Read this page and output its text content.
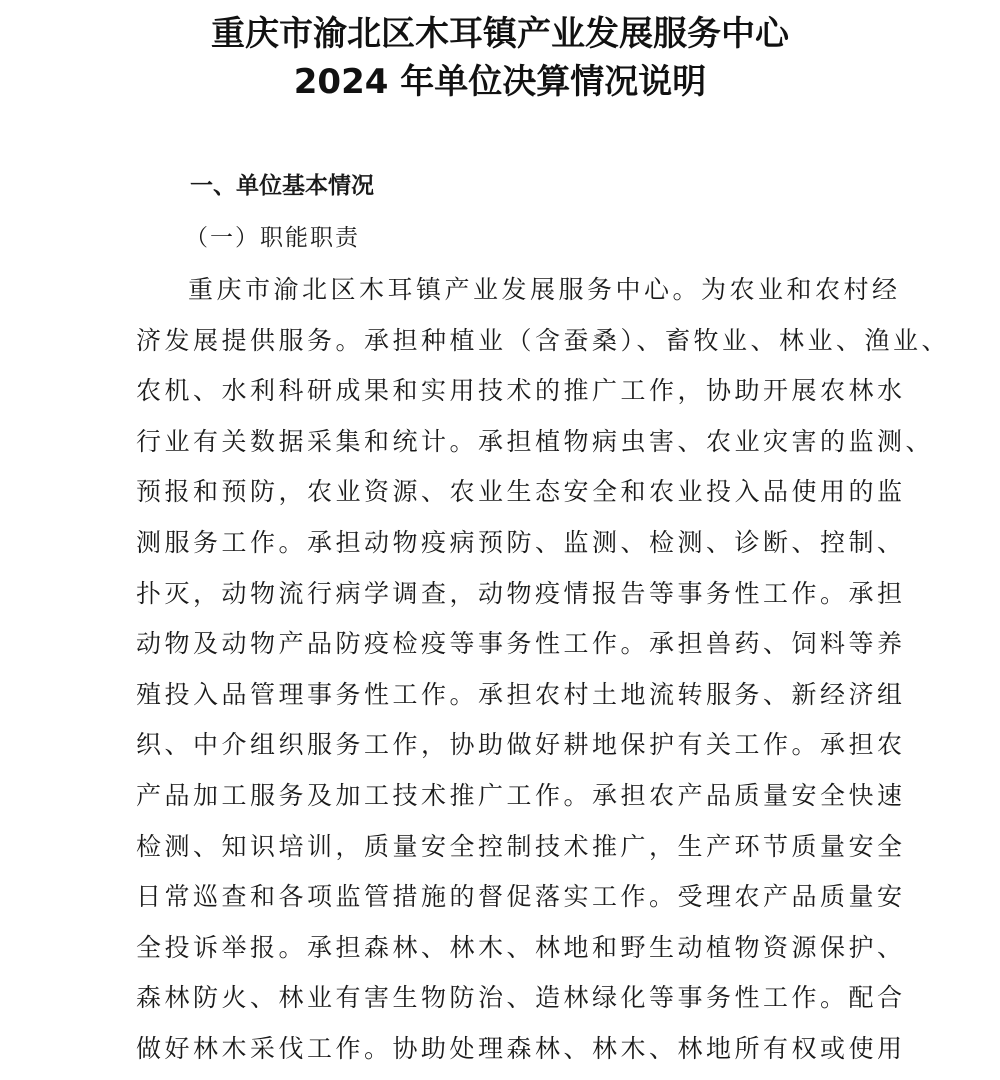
重庆市渝北区木耳镇产业发展服务中心
2024 年单位决算情况说明
一、单位基本情况
（一）职能职责
重庆市渝北区木耳镇产业发展服务中心。为农业和农村经
济发展提供服务。承担种植业（含蚕桑）、畜牧业、林业、渔业、
农机、水利科研成果和实用技术的推广工作，协助开展农林水
行业有关数据采集和统计。承担植物病虫害、农业灾害的监测、
预报和预防，农业资源、农业生态安全和农业投入品使用的监
测服务工作。承担动物疫病预防、监测、检测、诊断、控制、
扑灭，动物流行病学调查，动物疫情报告等事务性工作。承担
动物及动物产品防疫检疫等事务性工作。承担兽药、饲料等养
殖投入品管理事务性工作。承担农村土地流转服务、新经济组
织、中介组织服务工作，协助做好耕地保护有关工作。承担农
产品加工服务及加工技术推广工作。承担农产品质量安全快速
检测、知识培训，质量安全控制技术推广，生产环节质量安全
日常巡查和各项监管措施的督促落实工作。受理农产品质量安
全投诉举报。承担森林、林木、林地和野生动植物资源保护、
森林防火、林业有害生物防治、造林绿化等事务性工作。配合
做好林木采伐工作。协助处理森林、林木、林地所有权或使用
